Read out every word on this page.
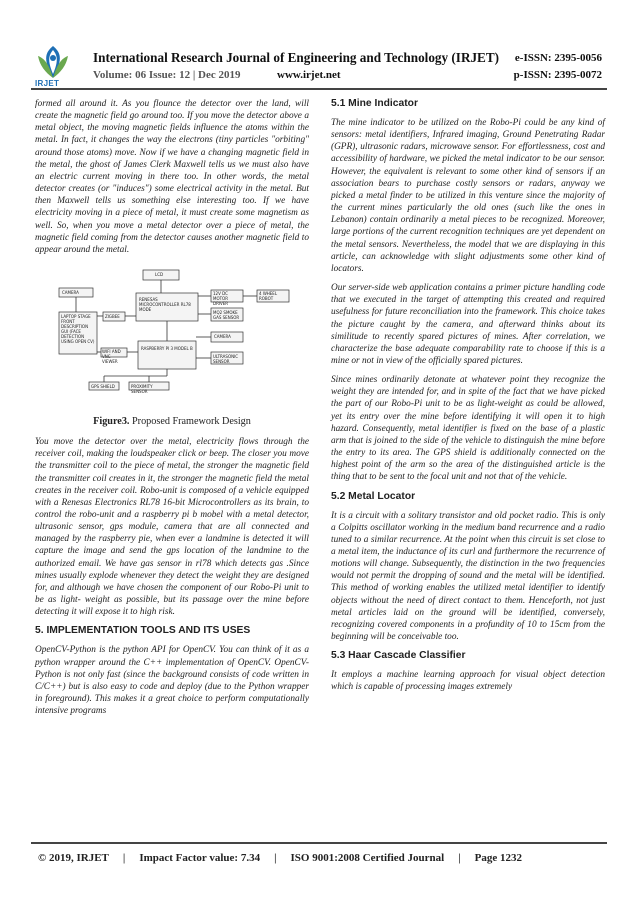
IRJET
International Research Journal of Engineering and Technology (IRJET) e-ISSN: 2395-0056
Volume: 06 Issue: 12 | Dec 2019	www.irjet.net	p-ISSN: 2395-0072

formed all around it. As you flounce the detector over the land, will create the magnetic field go around too. If you move the detector above a metal object, the moving magnetic fields influence the atoms within the metal. In fact, it changes the way the electrons (tiny particles "orbiting" around those atoms) move. Now if we have a changing magnetic field in the metal, the ghost of James Clerk Maxwell tells us we must also have an electric current moving in there too. In other words, the metal detector creates (or "induces") some electrical activity in the metal. But then Maxwell tells us something else interesting too. If we have electricity moving in a piece of metal, it must create some magnetism as well. So, when you move a metal detector over a piece of metal, the magnetic field coming from the detector causes another magnetic field to appear around the metal.

LCD
CAMERA
LAPTOP STAGE FRONT DESCRIPTION GUI (FACE DETECTION USING OPEN CV)
ZIGBEE
RENESAS MICROCONTROLLER RL78 MODE
12V DC MOTOR DRIVER
4 WHEEL ROBOT
MQ2 SMOKE GAS SENSOR
WIFI AND VNC VIEWER
RASPBERRY PI 3 MODEL B
CAMERA
ULTRASONIC SENSOR
GPS SHIELD	PROXIMITY SENSOR
Figure3. Proposed Framework Design

You move the detector over the metal, electricity flows through the receiver coil, making the loudspeaker click or beep. The closer you move the transmitter coil to the piece of metal, the stronger the magnetic field the transmitter coil creates in it, the stronger the magnetic field the metal creates in the receiver coil. Robo-unit is composed of a vehicle equipped with a Renesas Electronics RL78 16-bit Microcontrollers as its brain, to control the robo-unit and a raspberry pi b mobel with a metal detector, ultrasonic sensor, gps module, camera that are all connected and managed by the raspberry pie, when ever a landmine is detected it will capture the image and send the gps location of the landmine to the authorized email. We have gas sensor in rl78 which detects gas .Since mines usually explode whenever they detect the weight they are designed for, and although we have chosen the component of our Robo-Pi unit to be as light- weight as possible, but its passage over the mine before detecting it will expose it to high risk.

5. IMPLEMENTATION TOOLS AND ITS USES

OpenCV-Python is the python API for OpenCV. You can think of it as a python wrapper around the C++ implementation of OpenCV. OpenCV-Python is not only fast (since the background consists of code written in C/C++) but is also easy to code and deploy (due to the Python wrapper in foreground). This makes it a great choice to perform computationally intensive programs

5.1 Mine Indicator

The mine indicator to be utilized on the Robo-Pi could be any kind of sensors: metal identifiers, Infrared imaging, Ground Penetrating Radar (GPR), ultrasonic radars, microwave sensor. For effortlessness, cost and accessibility of hardware, we picked the metal indicator to be our sensor. However, the equivalent is relevant to some other kind of sensors if an association bears to purchase costly sensors or radars, anyway we picked a metal finder to be utilized in this venture since the majority of the current mines particularly the old ones (such like the ones in Lebanon) contain ordinarily a metal pieces to be recognized. Moreover, large portions of the current recognition techniques are yet dependent on the metal sensors. Nevertheless, the model that we are displaying in this article, can acknowledge with slight adjustments some other kind of locators.

Our server-side web application contains a primer picture handling code that we executed in the target of attempting this created and required usefulness for future reconciliation into the framework. This choice takes the picture caught by the camera, and afterward thinks about its similitude to recently spared pictures of mines. After correlation, we characterize the base adequate comparability rate to choose if this is a mine or not in view of the officially spared pictures.

Since mines ordinarily detonate at whatever point they recognize the weight they are intended for, and in spite of the fact that we have picked the part of our Robo-Pi unit to be as light-weight as could be allowed, yet its entry over the mine before identifying it will open it to high hazard. Consequently, metal identifier is fixed on the base of a plastic arm that is joined to the side of the vehicle to distinguish the mine before the entry to its area. The GPS shield is additionally connected on the highest point of the arm so the area of the distinguished article is the thing that to be sent to the focal unit and not that of the vehicle.

5.2 Metal Locator

It is a circuit with a solitary transistor and old pocket radio. This is only a Colpitts oscillator working in the medium band recurrence and a radio tuned to a similar recurrence. At the point when this circuit is set close to a metal item, the inductance of its curl and furthermore the recurrence of motions will change. Subsequently, the distinction in the two frequencies would not permit the dropping of sound and the metal will be identified. This method of working enables the utilized metal identifier to identify objects without the need of direct contact to them. Henceforth, not just metal articles laid on the ground will be identified, conversely, recognizing covered components in a profundity of 10 to 15cm from the beginning will be conceivable too.

5.3 Haar Cascade Classifier

It employs a machine learning approach for visual object detection which is capable of processing images extremely

© 2019, IRJET | Impact Factor value: 7.34 | ISO 9001:2008 Certified Journal | Page 1232
